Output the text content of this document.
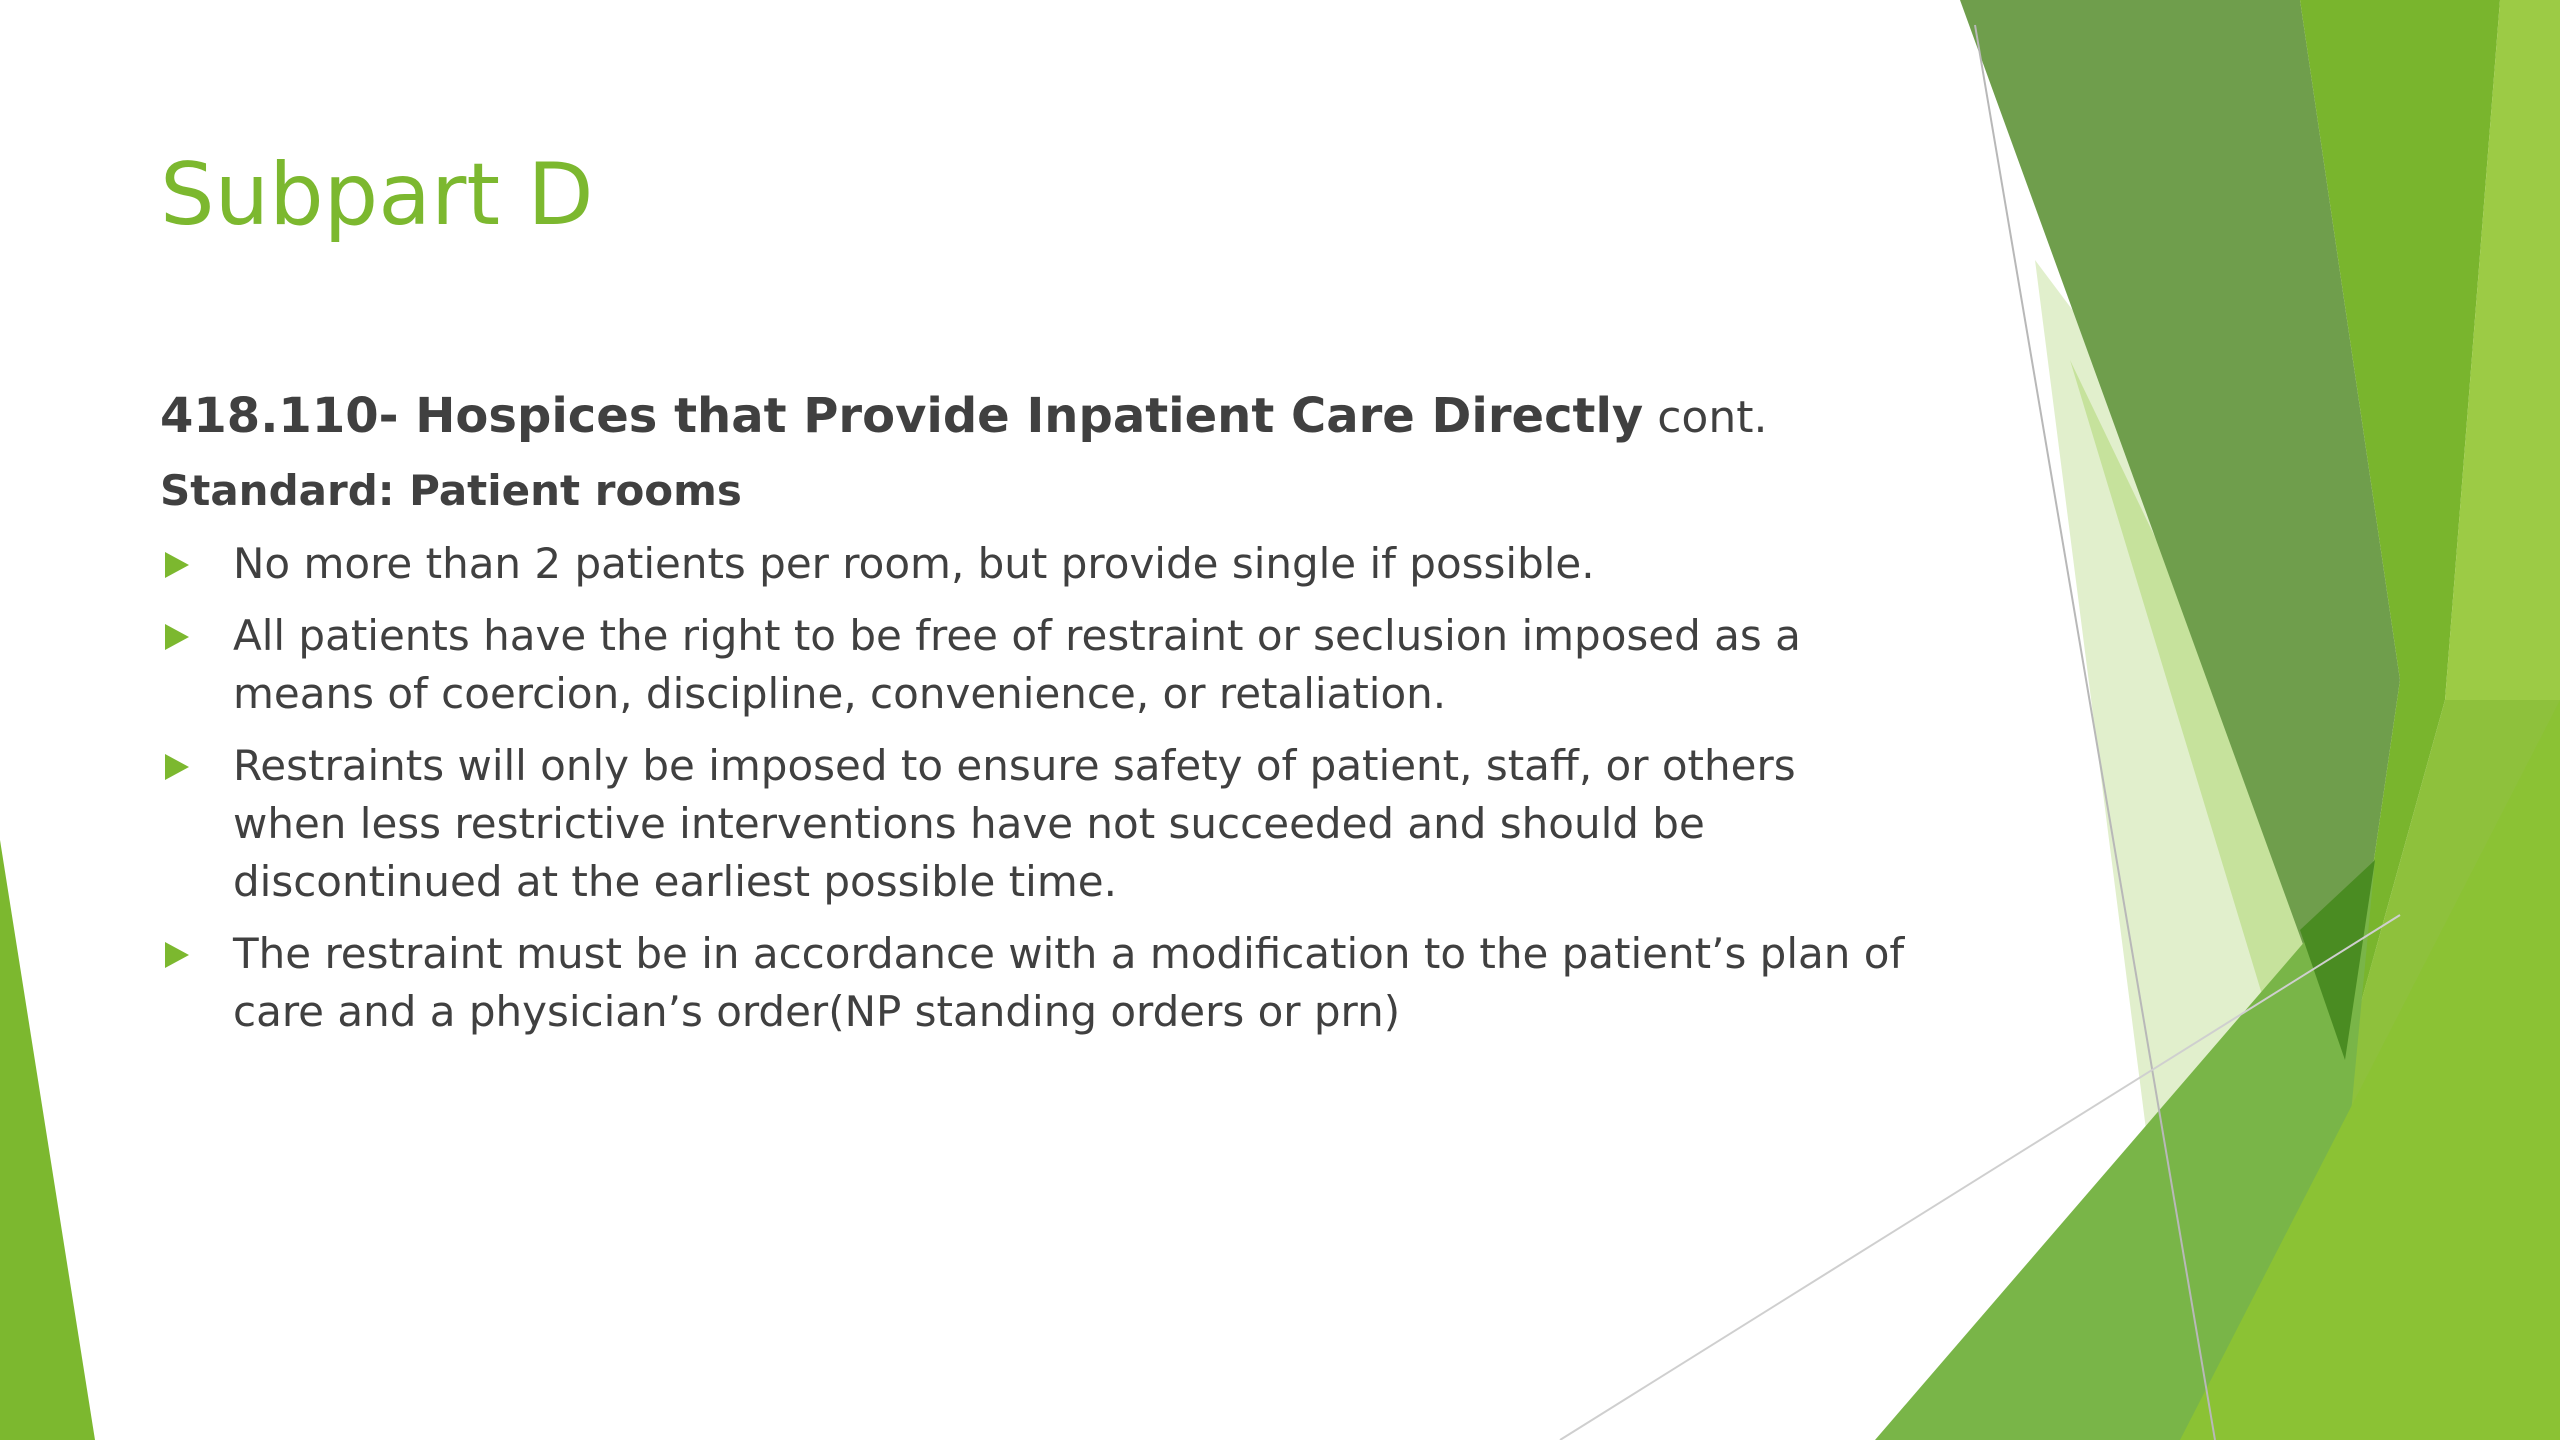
Subpart D

418.110- Hospices that Provide Inpatient Care Directly cont.

Standard: Patient rooms

No more than 2 patients per room, but provide single if possible.
All patients have the right to be free of restraint or seclusion imposed as a means of coercion, discipline, convenience, or retaliation.
Restraints will only be imposed to ensure safety of patient, staff, or others when less restrictive interventions have not succeeded and should be discontinued at the earliest possible time.
The restraint must be in accordance with a modification to the patient’s plan of care and a physician’s order(NP standing orders or prn)
